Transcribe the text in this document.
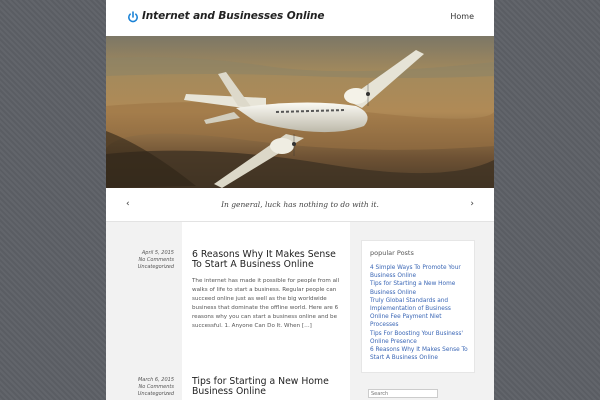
Internet and Businesses Online	Home
‹	In general, luck has nothing to do with it.	›
April 5, 2015
No Comments
Uncategorized
March 6, 2015
No Comments
Uncategorized
6 Reasons Why It Makes Sense
To Start A Business Online
The internet has made it possible for people from all walks of life to start a business. Regular people can succeed online just as well as the big worldwide business that dominate the offline world. Here are 6 reasons why you can start a business online and be successful. 1. Anyone Can Do It. When […]
Tips for Starting a New Home
Business Online
popular Posts
4 Simple Ways To Promote Your Business Online
Tips for Starting a New Home Business Online
Truly Global Standards and Implementation of Business Online Fee Payment Niet Processes
Tips For Boosting Your Business' Online Presence
6 Reasons Why It Makes Sense To Start A Business Online
Search
